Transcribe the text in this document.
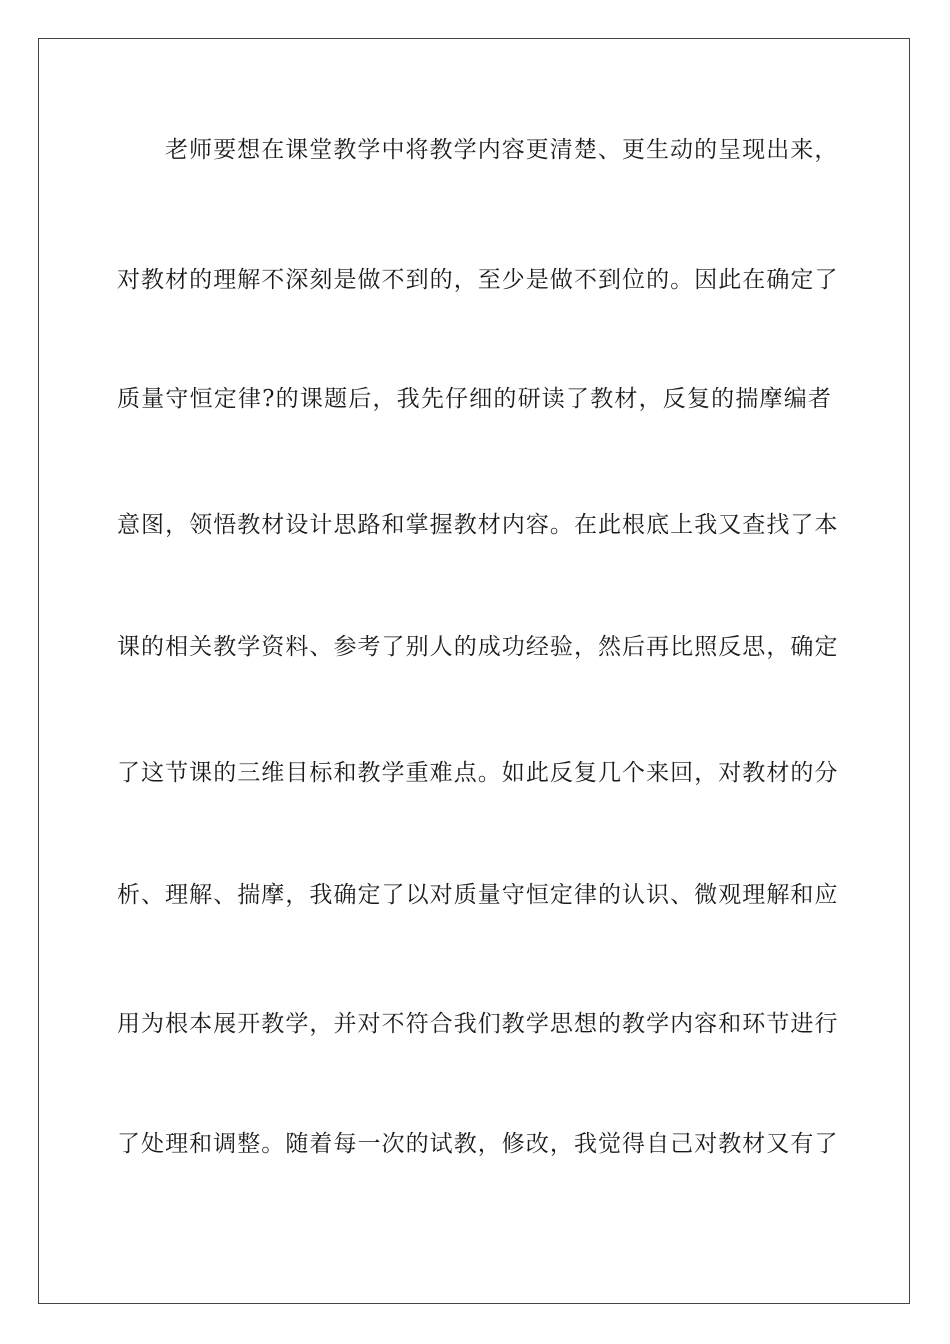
老师要想在课堂教学中将教学内容更清楚、更生动的呈现出来，
对教材的理解不深刻是做不到的，至少是做不到位的。因此在确定了
质量守恒定律?的课题后，我先仔细的研读了教材，反复的揣摩编者
意图，领悟教材设计思路和掌握教材内容。在此根底上我又查找了本
课的相关教学资料、参考了别人的成功经验，然后再比照反思，确定
了这节课的三维目标和教学重难点。如此反复几个来回，对教材的分
析、理解、揣摩，我确定了以对质量守恒定律的认识、微观理解和应
用为根本展开教学，并对不符合我们教学思想的教学内容和环节进行
了处理和调整。随着每一次的试教，修改，我觉得自己对教材又有了
